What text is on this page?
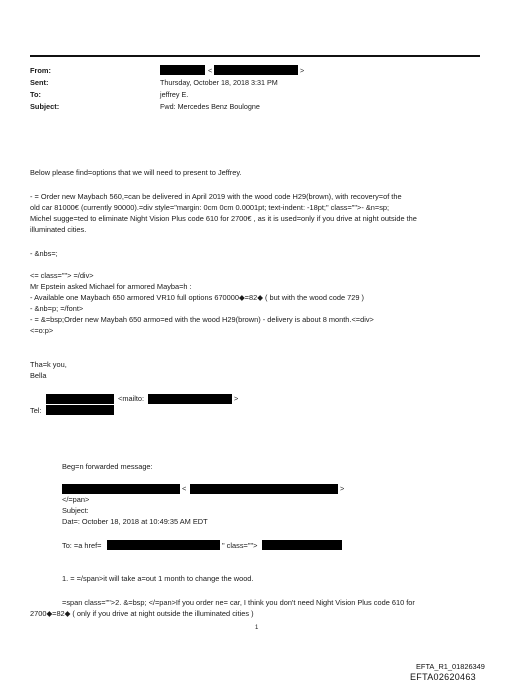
From:	<	>
Sent:	Thursday, October 18, 2018 3:31 PM
To:	jeffrey E.
Subject:	Fwd: Mercedes Benz Boulogne
Below please find=options that we will need to present to Jeffrey.
- = Order new Maybach 560,=can be delivered in April 2019 with the wood code H29(brown), with recovery=of the
old car 81000€ (currently 90000).=div style="margin: 0cm 0cm 0.0001pt; text-indent: -18pt;" class="">- &n=sp;
Michel sugge=ted to eliminate Night Vision Plus code 610 for 2700€ , as it is used=only if you drive at night outside the
illuminated cities.
- &nbs=;
<= class=""> =/div>
Mr Epstein asked Michael for armored Mayba=h :
- Available one Maybach 650 armored VR10 full options 670000◆=82◆ ( but with the wood code 729 )
- &nb=p; =/font>
- = &=bsp;Order new Maybah 650 armo=ed with the wood H29(brown) - delivery is about 8 month.<=div>
<=o:p>
Tha=k you,
Bella
<mailto:	>
Tel:
Beg=n forwarded message:
<	>
</=pan>
Subject:
Dat=: October 18, 2018 at 10:49:35 AM EDT
To: =a href=	" class="">
1. = =/span>it will take a=out 1 month to change the wood.
=span class="">2. &=bsp; </=pan>If you order ne= car, I think you don't need Night Vision Plus code 610 for
2700◆=82◆ ( only if you drive at night outside the illuminated cities )
1
EFTA_R1_01826349
EFTA02620463
